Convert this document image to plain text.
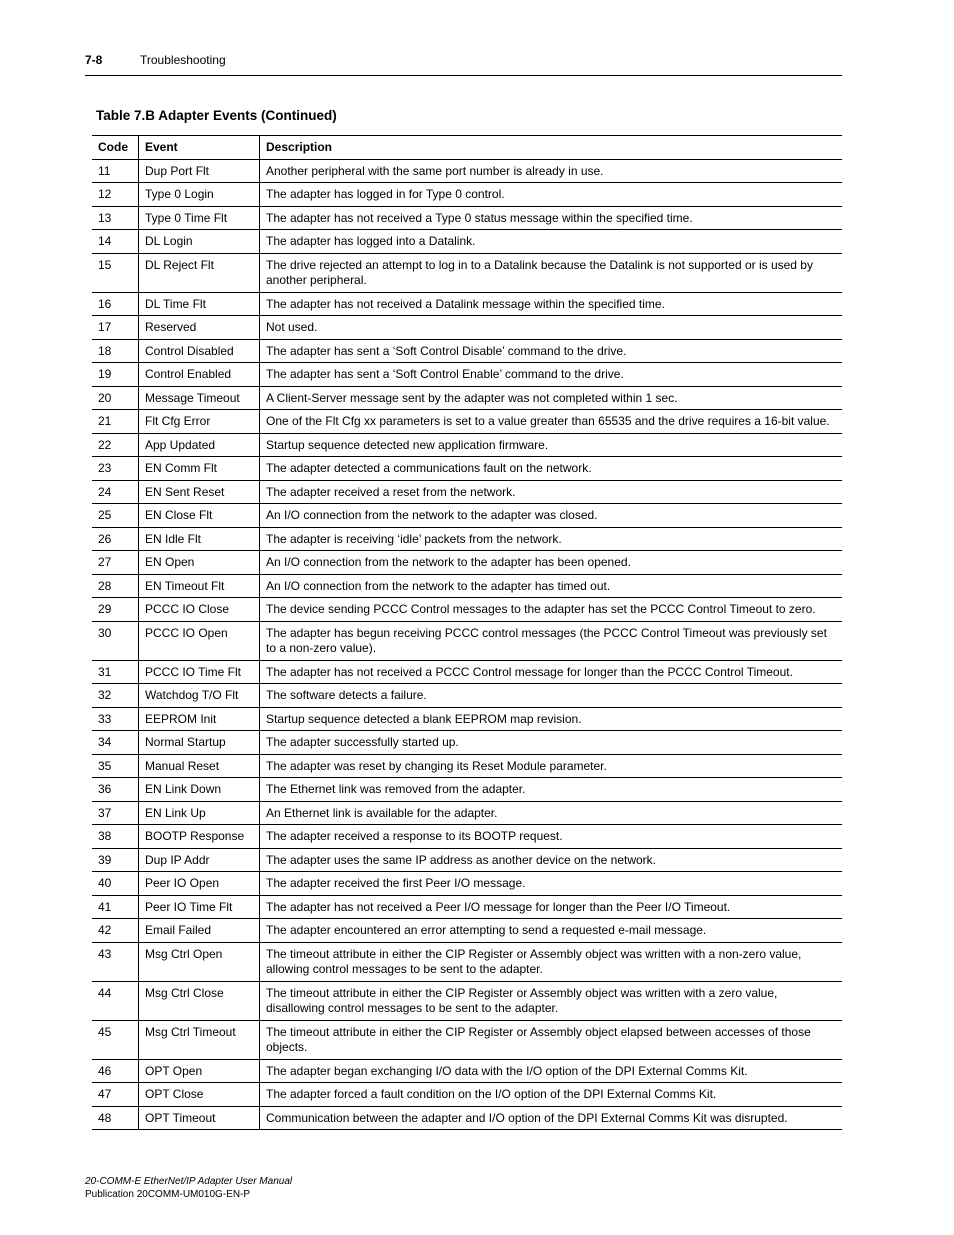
7-8	Troubleshooting
Table 7.B Adapter Events (Continued)
Code	Event	Description
11	Dup Port Flt	Another peripheral with the same port number is already in use.
12	Type 0 Login	The adapter has logged in for Type 0 control.
13	Type 0 Time Flt	The adapter has not received a Type 0 status message within the specified time.
14	DL Login	The adapter has logged into a Datalink.
15	DL Reject Flt	The drive rejected an attempt to log in to a Datalink because the Datalink is not supported or is used by another peripheral.
16	DL Time Flt	The adapter has not received a Datalink message within the specified time.
17	Reserved	Not used.
18	Control Disabled	The adapter has sent a ‘Soft Control Disable’ command to the drive.
19	Control Enabled	The adapter has sent a ‘Soft Control Enable’ command to the drive.
20	Message Timeout	A Client-Server message sent by the adapter was not completed within 1 sec.
21	Flt Cfg Error	One of the Flt Cfg xx parameters is set to a value greater than 65535 and the drive requires a 16-bit value.
22	App Updated	Startup sequence detected new application firmware.
23	EN Comm Flt	The adapter detected a communications fault on the network.
24	EN Sent Reset	The adapter received a reset from the network.
25	EN Close Flt	An I/O connection from the network to the adapter was closed.
26	EN Idle Flt	The adapter is receiving ‘idle’ packets from the network.
27	EN Open	An I/O connection from the network to the adapter has been opened.
28	EN Timeout Flt	An I/O connection from the network to the adapter has timed out.
29	PCCC IO Close	The device sending PCCC Control messages to the adapter has set the PCCC Control Timeout to zero.
30	PCCC IO Open	The adapter has begun receiving PCCC control messages (the PCCC Control Timeout was previously set to a non-zero value).
31	PCCC IO Time Flt	The adapter has not received a PCCC Control message for longer than the PCCC Control Timeout.
32	Watchdog T/O Flt	The software detects a failure.
33	EEPROM Init	Startup sequence detected a blank EEPROM map revision.
34	Normal Startup	The adapter successfully started up.
35	Manual Reset	The adapter was reset by changing its Reset Module parameter.
36	EN Link Down	The Ethernet link was removed from the adapter.
37	EN Link Up	An Ethernet link is available for the adapter.
38	BOOTP Response	The adapter received a response to its BOOTP request.
39	Dup IP Addr	The adapter uses the same IP address as another device on the network.
40	Peer IO Open	The adapter received the first Peer I/O message.
41	Peer IO Time Flt	The adapter has not received a Peer I/O message for longer than the Peer I/O Timeout.
42	Email Failed	The adapter encountered an error attempting to send a requested e-mail message.
43	Msg Ctrl Open	The timeout attribute in either the CIP Register or Assembly object was written with a non-zero value, allowing control messages to be sent to the adapter.
44	Msg Ctrl Close	The timeout attribute in either the CIP Register or Assembly object was written with a zero value, disallowing control messages to be sent to the adapter.
45	Msg Ctrl Timeout	The timeout attribute in either the CIP Register or Assembly object elapsed between accesses of those objects.
46	OPT Open	The adapter began exchanging I/O data with the I/O option of the DPI External Comms Kit.
47	OPT Close	The adapter forced a fault condition on the I/O option of the DPI External Comms Kit.
48	OPT Timeout	Communication between the adapter and I/O option of the DPI External Comms Kit was disrupted.
20-COMM-E EtherNet/IP Adapter User Manual
Publication 20COMM-UM010G-EN-P
